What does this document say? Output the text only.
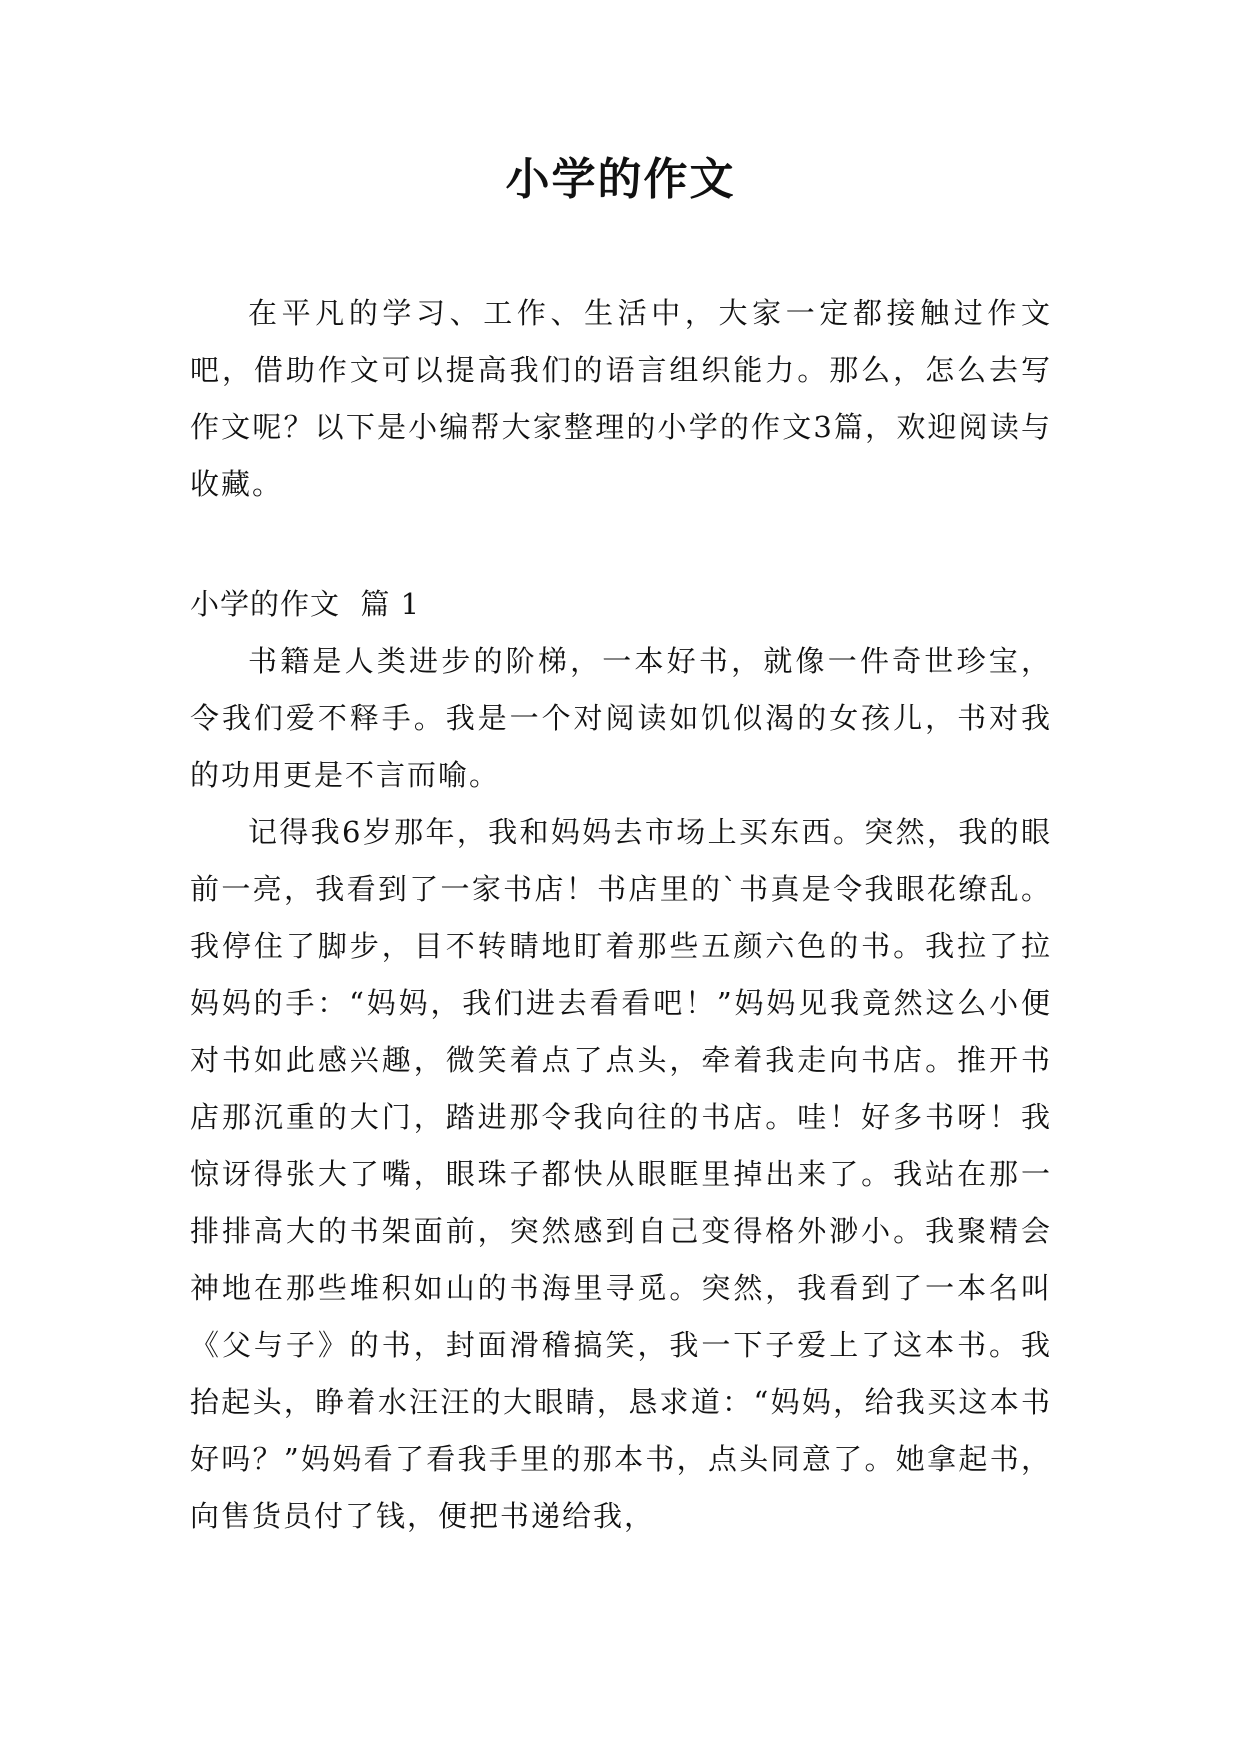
小学的作文

在平凡的学习、工作、生活中，大家一定都接触过作文吧，借助作文可以提高我们的语言组织能力。那么，怎么去写作文呢？以下是小编帮大家整理的小学的作文3篇，欢迎阅读与收藏。

小学的作文  篇 1

书籍是人类进步的阶梯，一本好书，就像一件奇世珍宝，令我们爱不释手。我是一个对阅读如饥似渴的女孩儿，书对我的功用更是不言而喻。

记得我6岁那年，我和妈妈去市场上买东西。突然，我的眼前一亮，我看到了一家书店！书店里的`书真是令我眼花缭乱。我停住了脚步，目不转睛地盯着那些五颜六色的书。我拉了拉妈妈的手：“妈妈，我们进去看看吧！”妈妈见我竟然这么小便对书如此感兴趣，微笑着点了点头，牵着我走向书店。推开书店那沉重的大门，踏进那令我向往的书店。哇！好多书呀！我惊讶得张大了嘴，眼珠子都快从眼眶里掉出来了。我站在那一排排高大的书架面前，突然感到自己变得格外渺小。我聚精会神地在那些堆积如山的书海里寻觅。突然，我看到了一本名叫《父与子》的书，封面滑稽搞笑，我一下子爱上了这本书。我抬起头，睁着水汪汪的大眼睛，恳求道：“妈妈，给我买这本书好吗？”妈妈看了看我手里的那本书，点头同意了。她拿起书，向售货员付了钱，便把书递给我，
